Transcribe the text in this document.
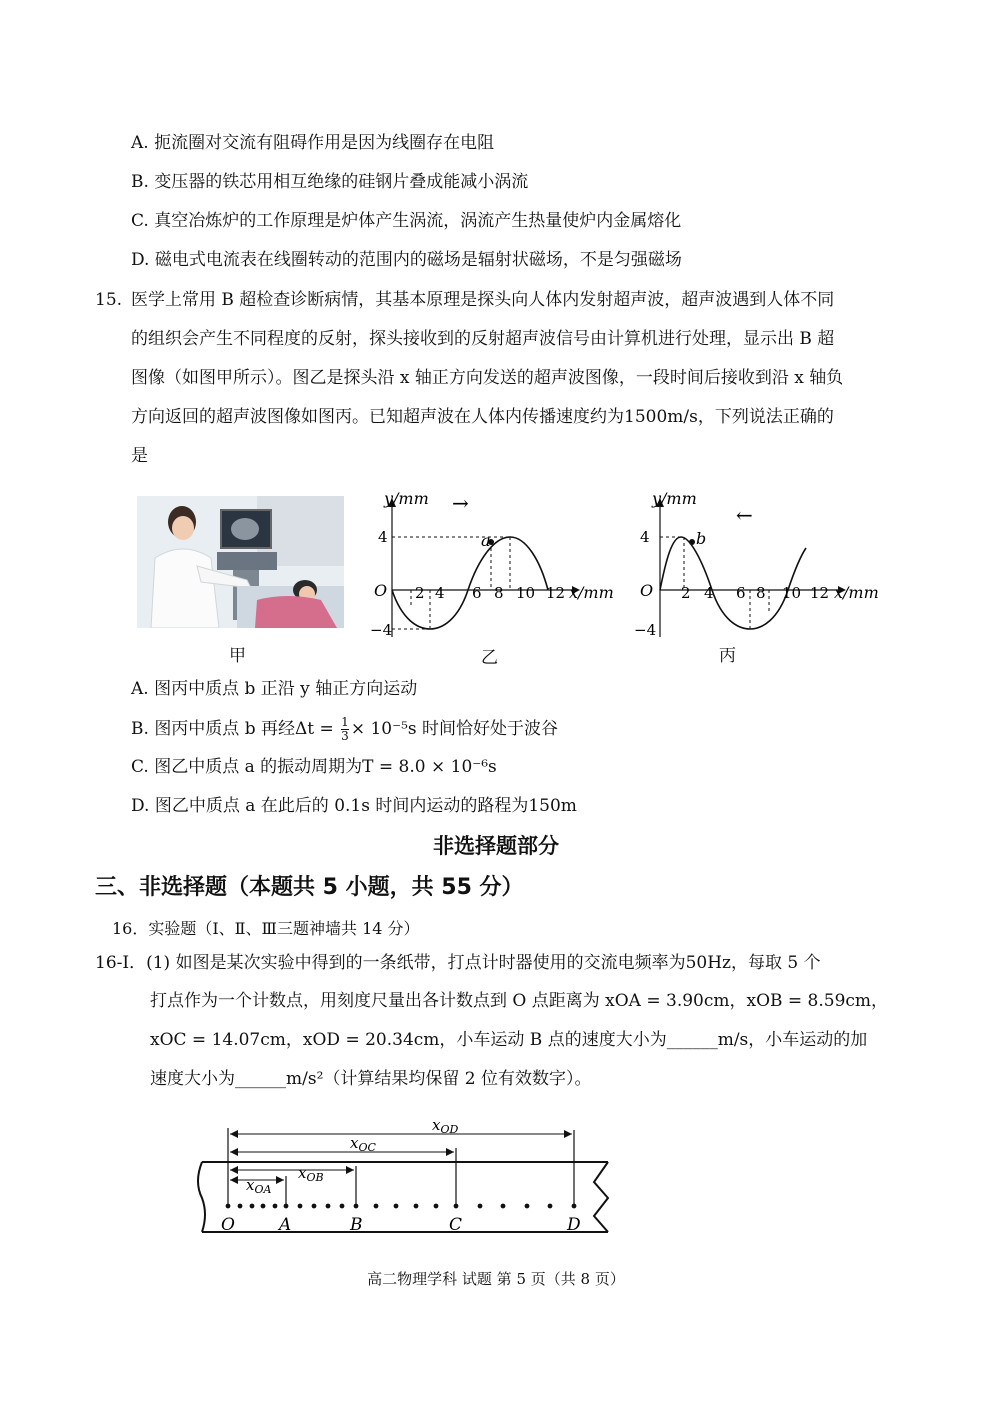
A. 扼流圈对交流有阻碍作用是因为线圈存在电阻
B. 变压器的铁芯用相互绝缘的硅钢片叠成能减小涡流
C. 真空冶炼炉的工作原理是炉体产生涡流，涡流产生热量使炉内金属熔化
D. 磁电式电流表在线圈转动的范围内的磁场是辐射状磁场，不是匀强磁场
15. 医学上常用 B 超检查诊断病情，其基本原理是探头向人体内发射超声波，超声波遇到人体不同
的组织会产生不同程度的反射，探头接收到的反射超声波信号由计算机进行处理，显示出 B 超
图像（如图甲所示）。图乙是探头沿 x 轴正方向发送的超声波图像，一段时间后接收到沿 x 轴负
方向返回的超声波图像如图丙。已知超声波在人体内传播速度约为1500m/s，下列说法正确的
是
甲
a
y/mm →
4
−4
O 2 4 6 8 10 12 x/mm
乙
b
y/mm
←
4
−4
O 2 4 6 8 10 12 x/mm
丙
A. 图丙中质点 b 正沿 y 轴正方向运动
B. 图丙中质点 b 再经$\Delta t = \frac{1}{3} \times 10^{-5}s$ 时间恰好处于波谷
C. 图乙中质点 a 的振动周期为T = 8.0 × 10⁻⁶s
D. 图乙中质点 a 在此后的 0.1s 时间内运动的路程为150m
非选择题部分
三、非选择题（本题共 5 小题，共 55 分）
16．实验题（Ⅰ、Ⅱ、Ⅲ三题神墙共 14 分）
16-Ⅰ．(1) 如图是某次实验中得到的一条纸带，打点计时器使用的交流电频率为50Hz，每取 5 个
打点作为一个计数点，用刻度尺量出各计数点到 O 点距离为 xOA = 3.90cm，xOB = 8.59cm，
xOC = 14.07cm，xOD = 20.34cm，小车运动 B 点的速度大小为______m/s，小车运动的加
速度大小为______m/s²（计算结果均保留 2 位有效数字）。
$x_{OD}$
$x_{OC}$
$x_{OB}$
$x_{OA}$
O	A	B	C	D
高二物理学科 试题 第 5 页（共 8 页）
